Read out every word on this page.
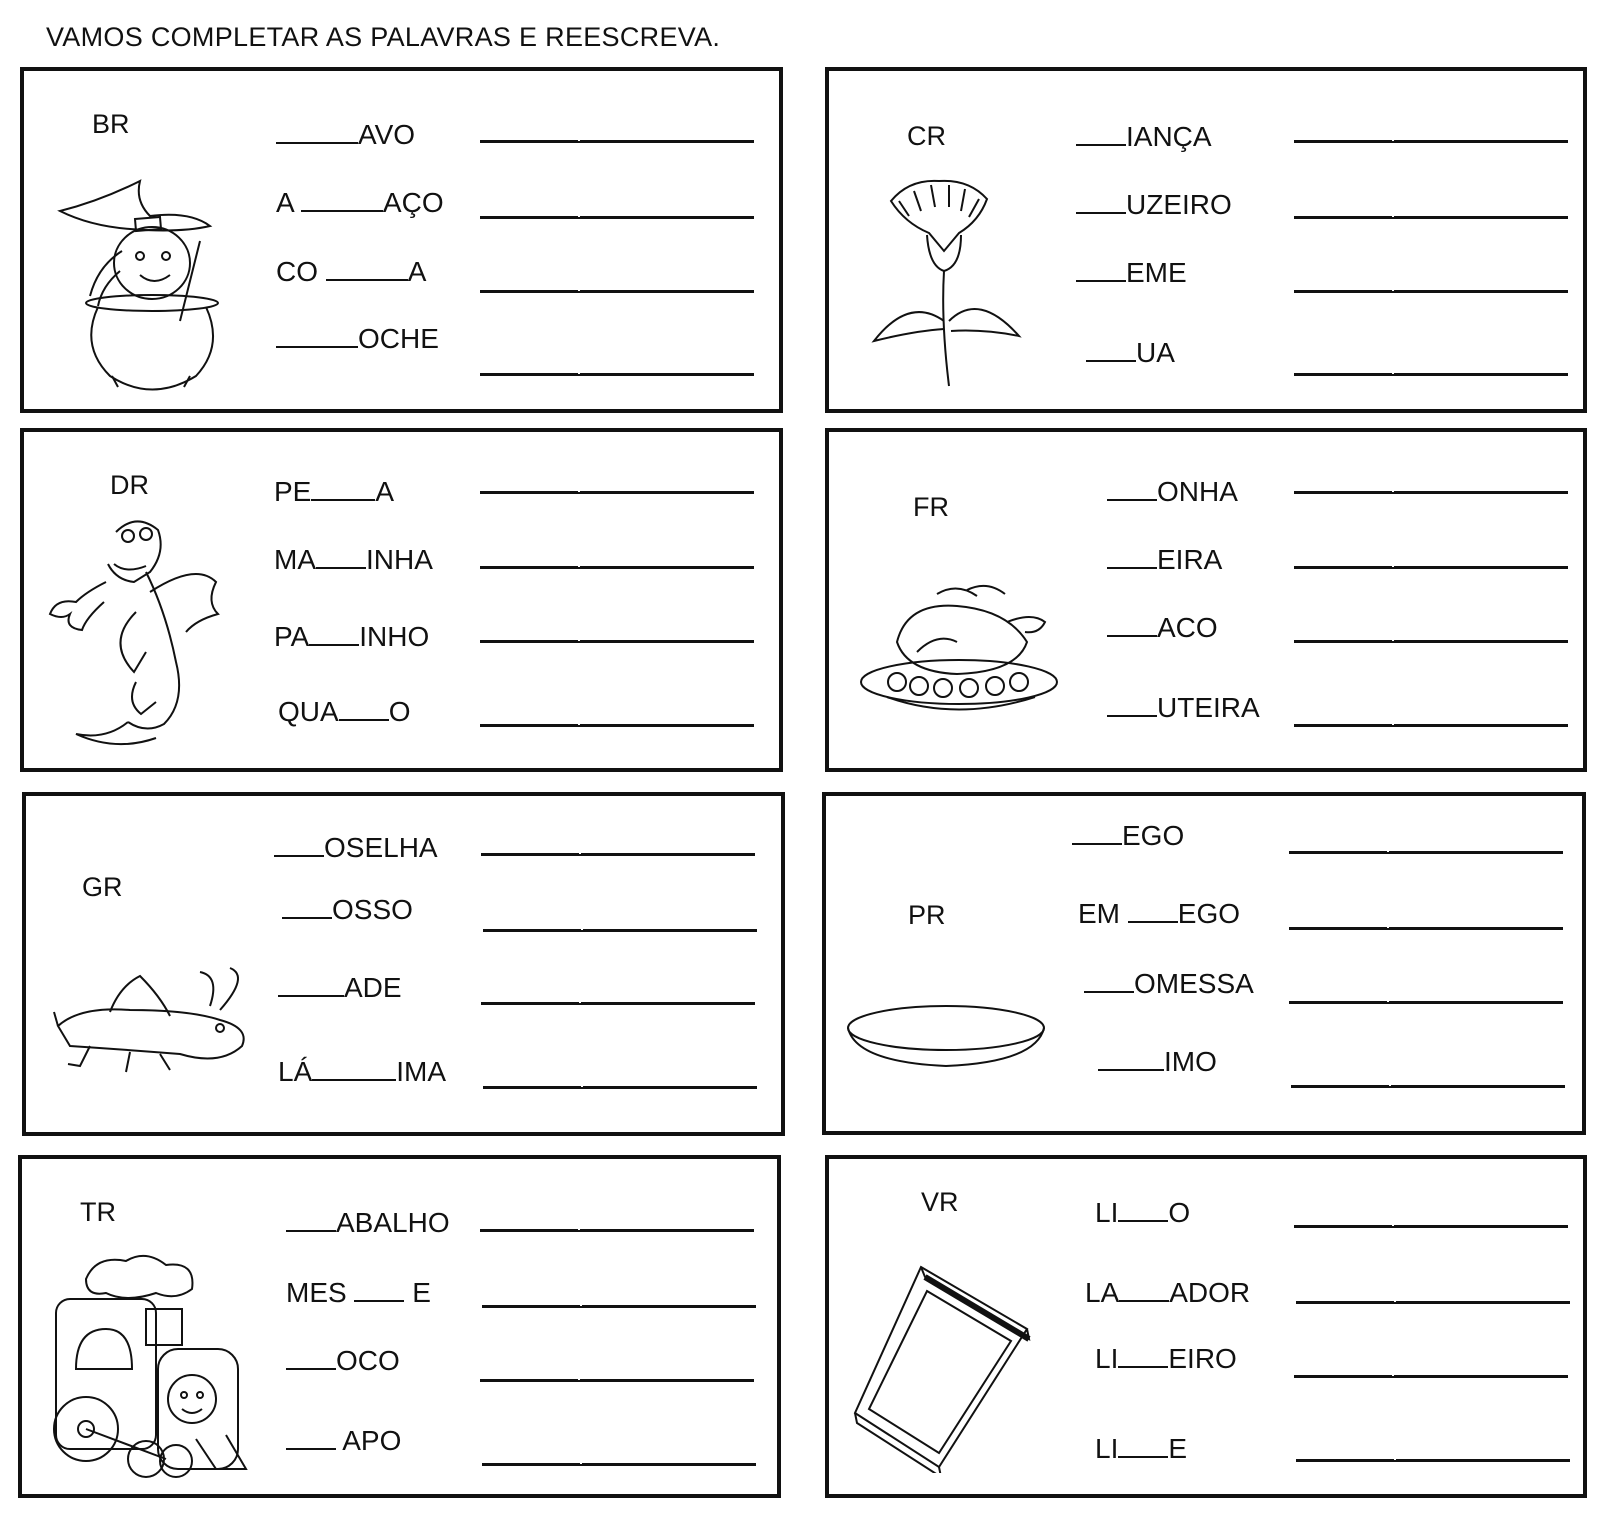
VAMOS COMPLETAR AS PALAVRAS E REESCREVA.
BR	AVO
A	AÇO
CO	A
OCHE
CR	IANÇA
UZEIRO
EME
UA
DR	PE A
MA INHA
PA INHO
QUA O
FR	ONHA
EIRA
ACO
UTEIRA
GR
OSELHA
OSSO
ADE
LÁ	IMA
PR
EGO
EM EGO
OMESSA
IMO
TR	ABALHO
MES  E
OCO
APO
VR	LI O
LA ADOR
LI EIRO
LI E
